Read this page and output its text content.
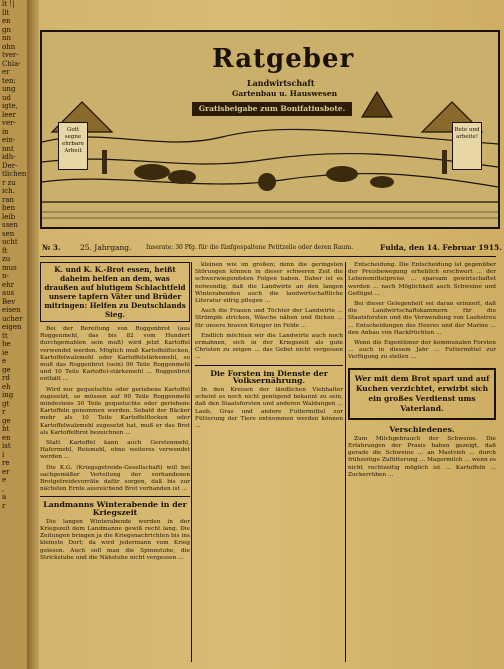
lt !|
llt
en
gn
nn
ohn
tver-
Chla-
er
ten:
ung
ud
igte,
leer
ver-
in
ein-
nnt
idh-
Der-
tlichen
r zu
ich.
ran
ben
leib
ssen
sen
ucht
ft
zu
mus
n-
ehr
aus
Bev
eisen
ucher
eigen
tt
he
ie
e
ge
rd
eh
ing
gt
r
ge
ht
en
ist
i
re
er
e
,
a
r
Ratgeber
Landwirtschaft
Gartenbau u. Hauswesen
Gratisbeigabe zum Bonifatiusbote.
Gott segne ehrbare Arbeit
Bete und arbeite!
№ 3.	25. Jahrgang. Inserate: 30 Pfg. für die fünfgespaltene Petitzeile oder deren Raum.	Fulda, den 14. Februar 1915.
K. und K. K.-Brot essen, heißt daheim helfen an dem, was draußen auf blutigem Schlachtfeld unsere tapfern Väter und Brüder mitringen: Helfen zu Deutschlands Sieg.

Bei der Bereitung von Roggenbrot (aus Roggenmehl, das bis 82 vom Hundert durchgemahlen sein muß) wird jetzt Kartoffel verwendet werden. Möglich muß Kartoffelflocken, Kartoffelwalzmehl oder Kartoffelstärkemehl, so muß das Roggenbrot (sein) 90 Teile Roggenmehl und 10 Teile Kartoffel-stärkemehl ... Roggenbrot enthält ...

Wird nur gequetschte oder geriebene Kartoffel zugesetzt, so müssen auf 90 Teile Roggenmehl mindestens 30 Teile gequetschte oder geriebene Kartoffeln genommen werden. Sobald der Bäcker mehr als 10 Teile Kartoffelflocken oder Kartoffelwalzmehl zugesetzt hat, muß er das Brot als Kartoffelbrot bezeichnen ...

Statt Kartoffel kann auch Gerstenmehl, Hafermehl, Reismehl, ohne weiteres verwendet werden ...

Die K.G. (Kriegsgetreide-Gesellschaft) will bei sachgemäßer Verteilung der vorhandenen Brotgetreidevorräte dafür sorgen, daß bis zur nächsten Ernte ausreichend Brot vorhanden ist ...

Landmanns Winterabende in der Kriegszeit

Die langen Winterabende werden in der Kriegszeit dem Landmanne gewiß recht lang. Die Zeitungen bringen ja die Kriegsnachrichten bis ins kleinste Dorf; da wird jedermann vom Krieg gelesen. Auch soll man die Spinnstube, die Strickstube und die Nähstube nicht vergessen ...

kleinen wie im großen; denn die geringsten Störungen können in dieser schweren Zeit die schwerwiegendsten Folgen haben. Daher ist es notwendig, daß die Landwirte an den langen Winterabenden auch die landwirtschaftliche Literatur eifrig pflegen ...

Auch die Frauen und Töchter der Landwirte ... Strümpfe stricken, Wäsche nähen und flicken ... für unsere braven Krieger im Felde ...

Endlich möchten wir die Landwirte auch noch ermahnen, sich in der Kriegszeit als gute Christen zu zeigen ... das Gebet nicht vergessen ...

Die Forsten im Dienste der Volksernährung.

In den Kreisen der ländlichen Viehhalter scheint es noch nicht genügend bekannt zu sein, daß den Staatsforsten und anderen Waldungen ... Laub, Gras und andere Futtermittel zur Fütterung der Tiere entnommen werden können ...

Entscheidung. Die Entscheidung ist gegenüber der Preisbewegung erheblich erschwert ... der Lebensmittelpreise ... sparsam gewirtschaftet werden ... nach Möglichkeit auch Schweine und Geflügel ...

Bei dieser Gelegenheit sei daran erinnert, daß die Landwirtschaftskammern für die Staatsforsten und die Verwendung von Laubstreu ... Entscheidungen des Heeres und der Marine ... den Anbau von Hackfrüchten ...

Wenn die Eigentümer der kommunalen Forsten ... auch in diesem Jahr ... Futtermittel zur Verfügung zu stellen ...

Wer mit dem Brot spart und auf Kuchen verzichtet, erwirbt sich ein großes Verdienst ums Vaterland.
Verschiedenes.

Zum Milchgebrauch der Schweine. Die Erfahrungen der Praxis haben gezeigt, daß gerade die Schweine ... an Mastvieh ... durch frühzeitige Zufütterung ... Magermilch ... wenn es nicht rechtzeitig möglich ist ... Kartoffeln ... Zuckerrüben ...
